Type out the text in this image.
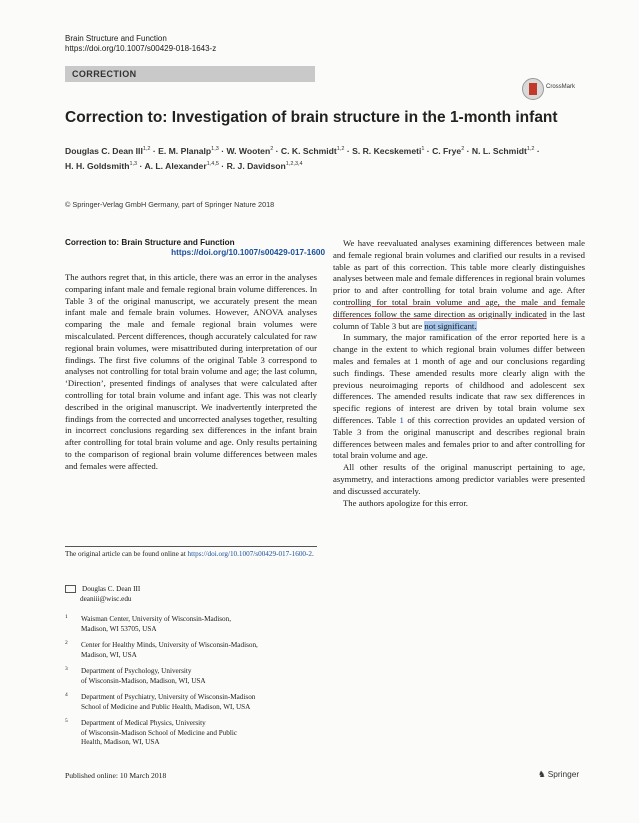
Brain Structure and Function
https://doi.org/10.1007/s00429-018-1643-z
CORRECTION
CrossMark
Correction to: Investigation of brain structure in the 1-month infant
Douglas C. Dean III$^{1,2}$ · E. M. Planalp$^{1,3}$ · W. Wooten$^2$ · C. K. Schmidt$^{1,2}$ · S. R. Kecskemeti$^1$ · C. Frye$^2$ · N. L. Schmidt$^{1,2}$ ·
H. H. Goldsmith$^{1,3}$ · A. L. Alexander$^{1,4,5}$ · R. J. Davidson$^{1,2,3,4}$
© Springer-Verlag GmbH Germany, part of Springer Nature 2018
Correction to: Brain Structure and Function
https://doi.org/10.1007/s00429-017-1600

The authors regret that, in this article, there was an error in the analyses comparing infant male and female regional brain volume differences. In Table 3 of the original manuscript, we accurately present the mean infant male and female brain volumes. However, ANOVA analyses comparing the male and female regional brain volumes were miscalculated. Percent differences, though accurately calculated for raw regional brain volumes, were misattributed during interpretation of our findings. The first five columns of the original Table 3 correspond to analyses not controlling for total brain volume and age; the last column, ‘Direction’, presented findings of analyses that were calculated after controlling for total brain volume and infant age. This was not clearly described in the original manuscript. We inadvertently interpreted the findings from the corrected and uncorrected analyses together, resulting in incorrect conclusions regarding sex differences in the infant brain after controlling for total brain volume and age. Only results pertaining to the comparison of regional brain volume differences between males and females were affected.

We have reevaluated analyses examining differences between male and female regional brain volumes and clarified our results in a revised table as part of this correction. This table more clearly distinguishes analyses between male and female differences in regional brain volumes prior to and after controlling for total brain volume and age. After controlling for total brain volume and age, the male and female differences follow the same direction as originally indicated in the last column of Table 3 but are not significant.

In summary, the major ramification of the error reported here is a change in the extent to which regional brain volumes differ between males and females at 1 month of age and our conclusions regarding such findings. These amended results more clearly align with the previous neuroimaging reports of childhood and adolescent sex differences. The amended results indicate that raw sex differences in specific regions of interest are driven by total brain volume sex differences. Table 1 of this correction provides an updated version of Table 3 from the original manuscript and describes regional brain differences between males and females prior to and after controlling for total brain volume and age.

All other results of the original manuscript pertaining to age, asymmetry, and interactions among predictor variables were presented and discussed accurately.

The authors apologize for this error.

The original article can be found online at https://doi.org/10.1007/s00429-017-1600-2.
Douglas C. Dean III
deaniii@wisc.edu
1 Waisman Center, University of Wisconsin-Madison,
Madison, WI 53705, USA
2 Center for Healthy Minds, University of Wisconsin-Madison,
Madison, WI, USA
3 Department of Psychology, University
of Wisconsin-Madison, Madison, WI, USA
4 Department of Psychiatry, University of Wisconsin-Madison
School of Medicine and Public Health, Madison, WI, USA
5 Department of Medical Physics, University
of Wisconsin-Madison School of Medicine and Public
Health, Madison, WI, USA
Published online: 10 March 2018	♞ Springer
